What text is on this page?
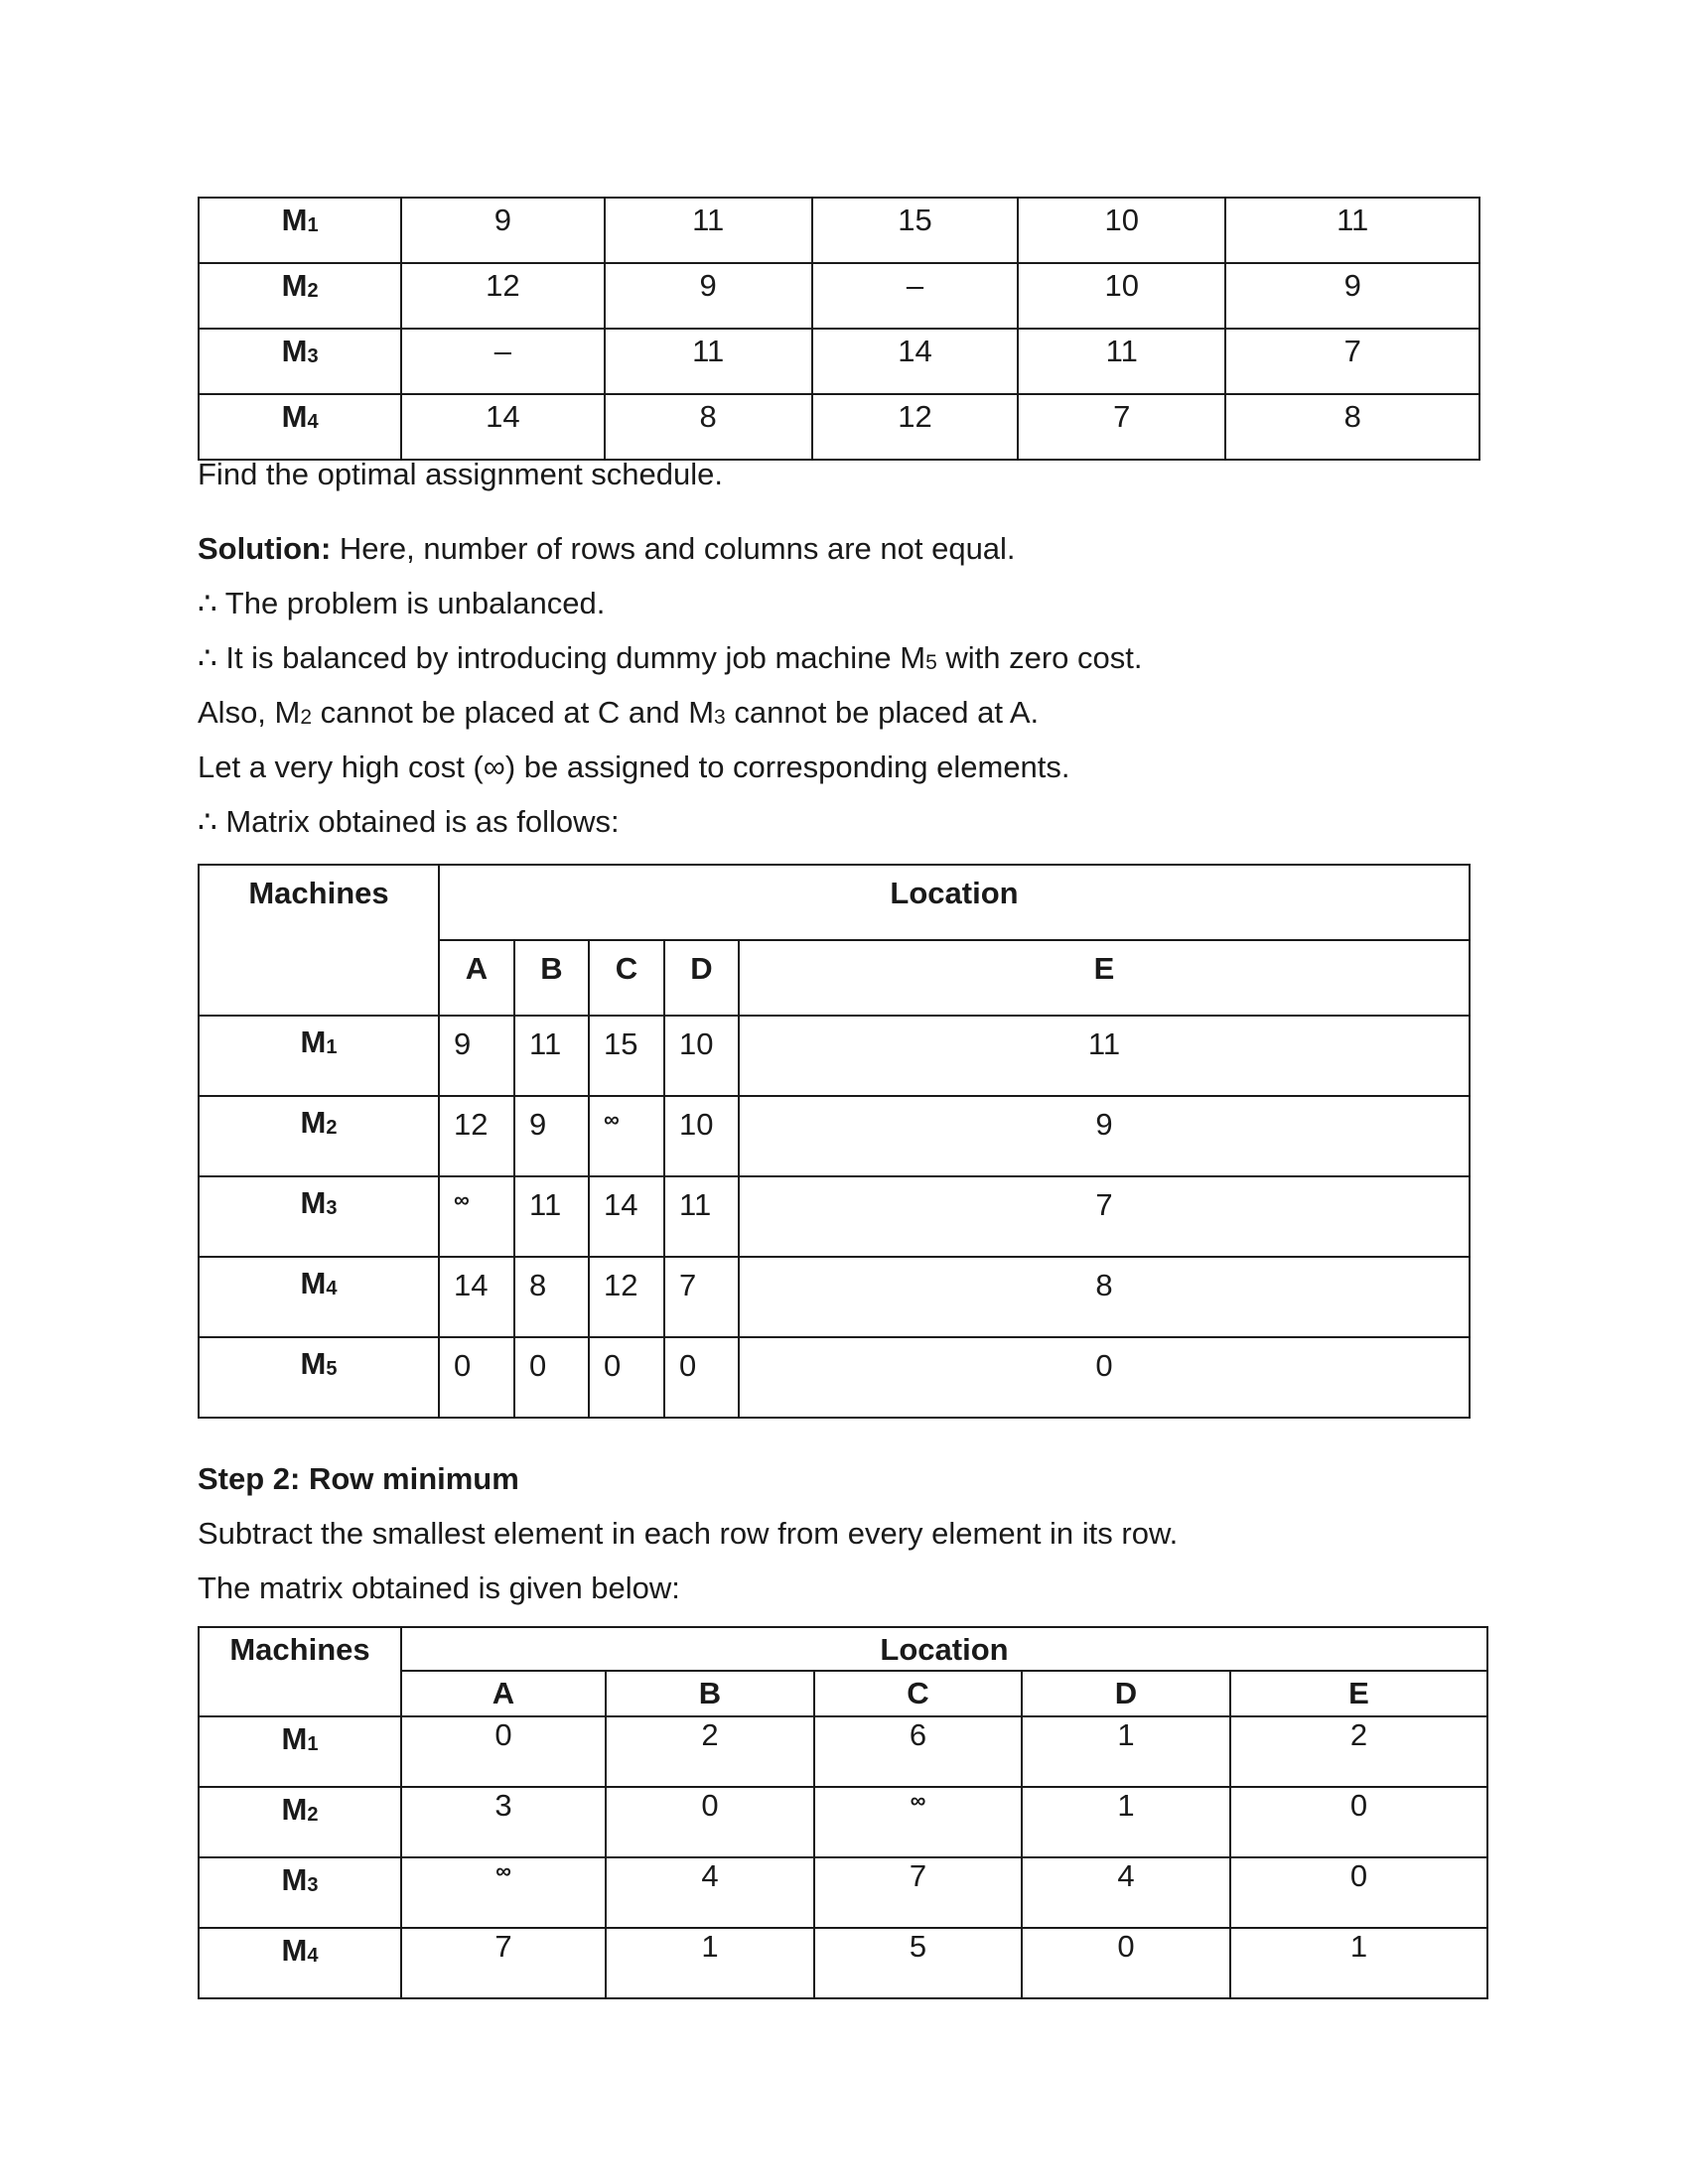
$M_1$	9	11	15	10	11
$M_2$	12	9	–	10	9
$M_3$	–	11	14	11	7
$M_4$	14	8	12	7	8

Find the optimal assignment schedule.

Solution: Here, number of rows and columns are not equal.

∴ The problem is unbalanced.

∴ It is balanced by introducing dummy job machine M5 with zero cost.

Also, M2 cannot be placed at C and M3 cannot be placed at A.

Let a very high cost (∞) be assigned to corresponding elements.

∴ Matrix obtained is as follows:

Machines	Location				
	A	B	C	D	E
$M_1$	9	11	15	10	11
$M_2$	12	9	∞	10	9
$M_3$	∞	11	14	11	7
$M_4$	14	8	12	7	8
$M_5$	0	0	0	0	0

Step 2: Row minimum

Subtract the smallest element in each row from every element in its row.

The matrix obtained is given below:

Machines	Location				
	A	B	C	D	E
$M_1$	0	2	6	1	2
$M_2$	3	0	∞	1	0
$M_3$	∞	4	7	4	0
$M_4$	7	1	5	0	1
